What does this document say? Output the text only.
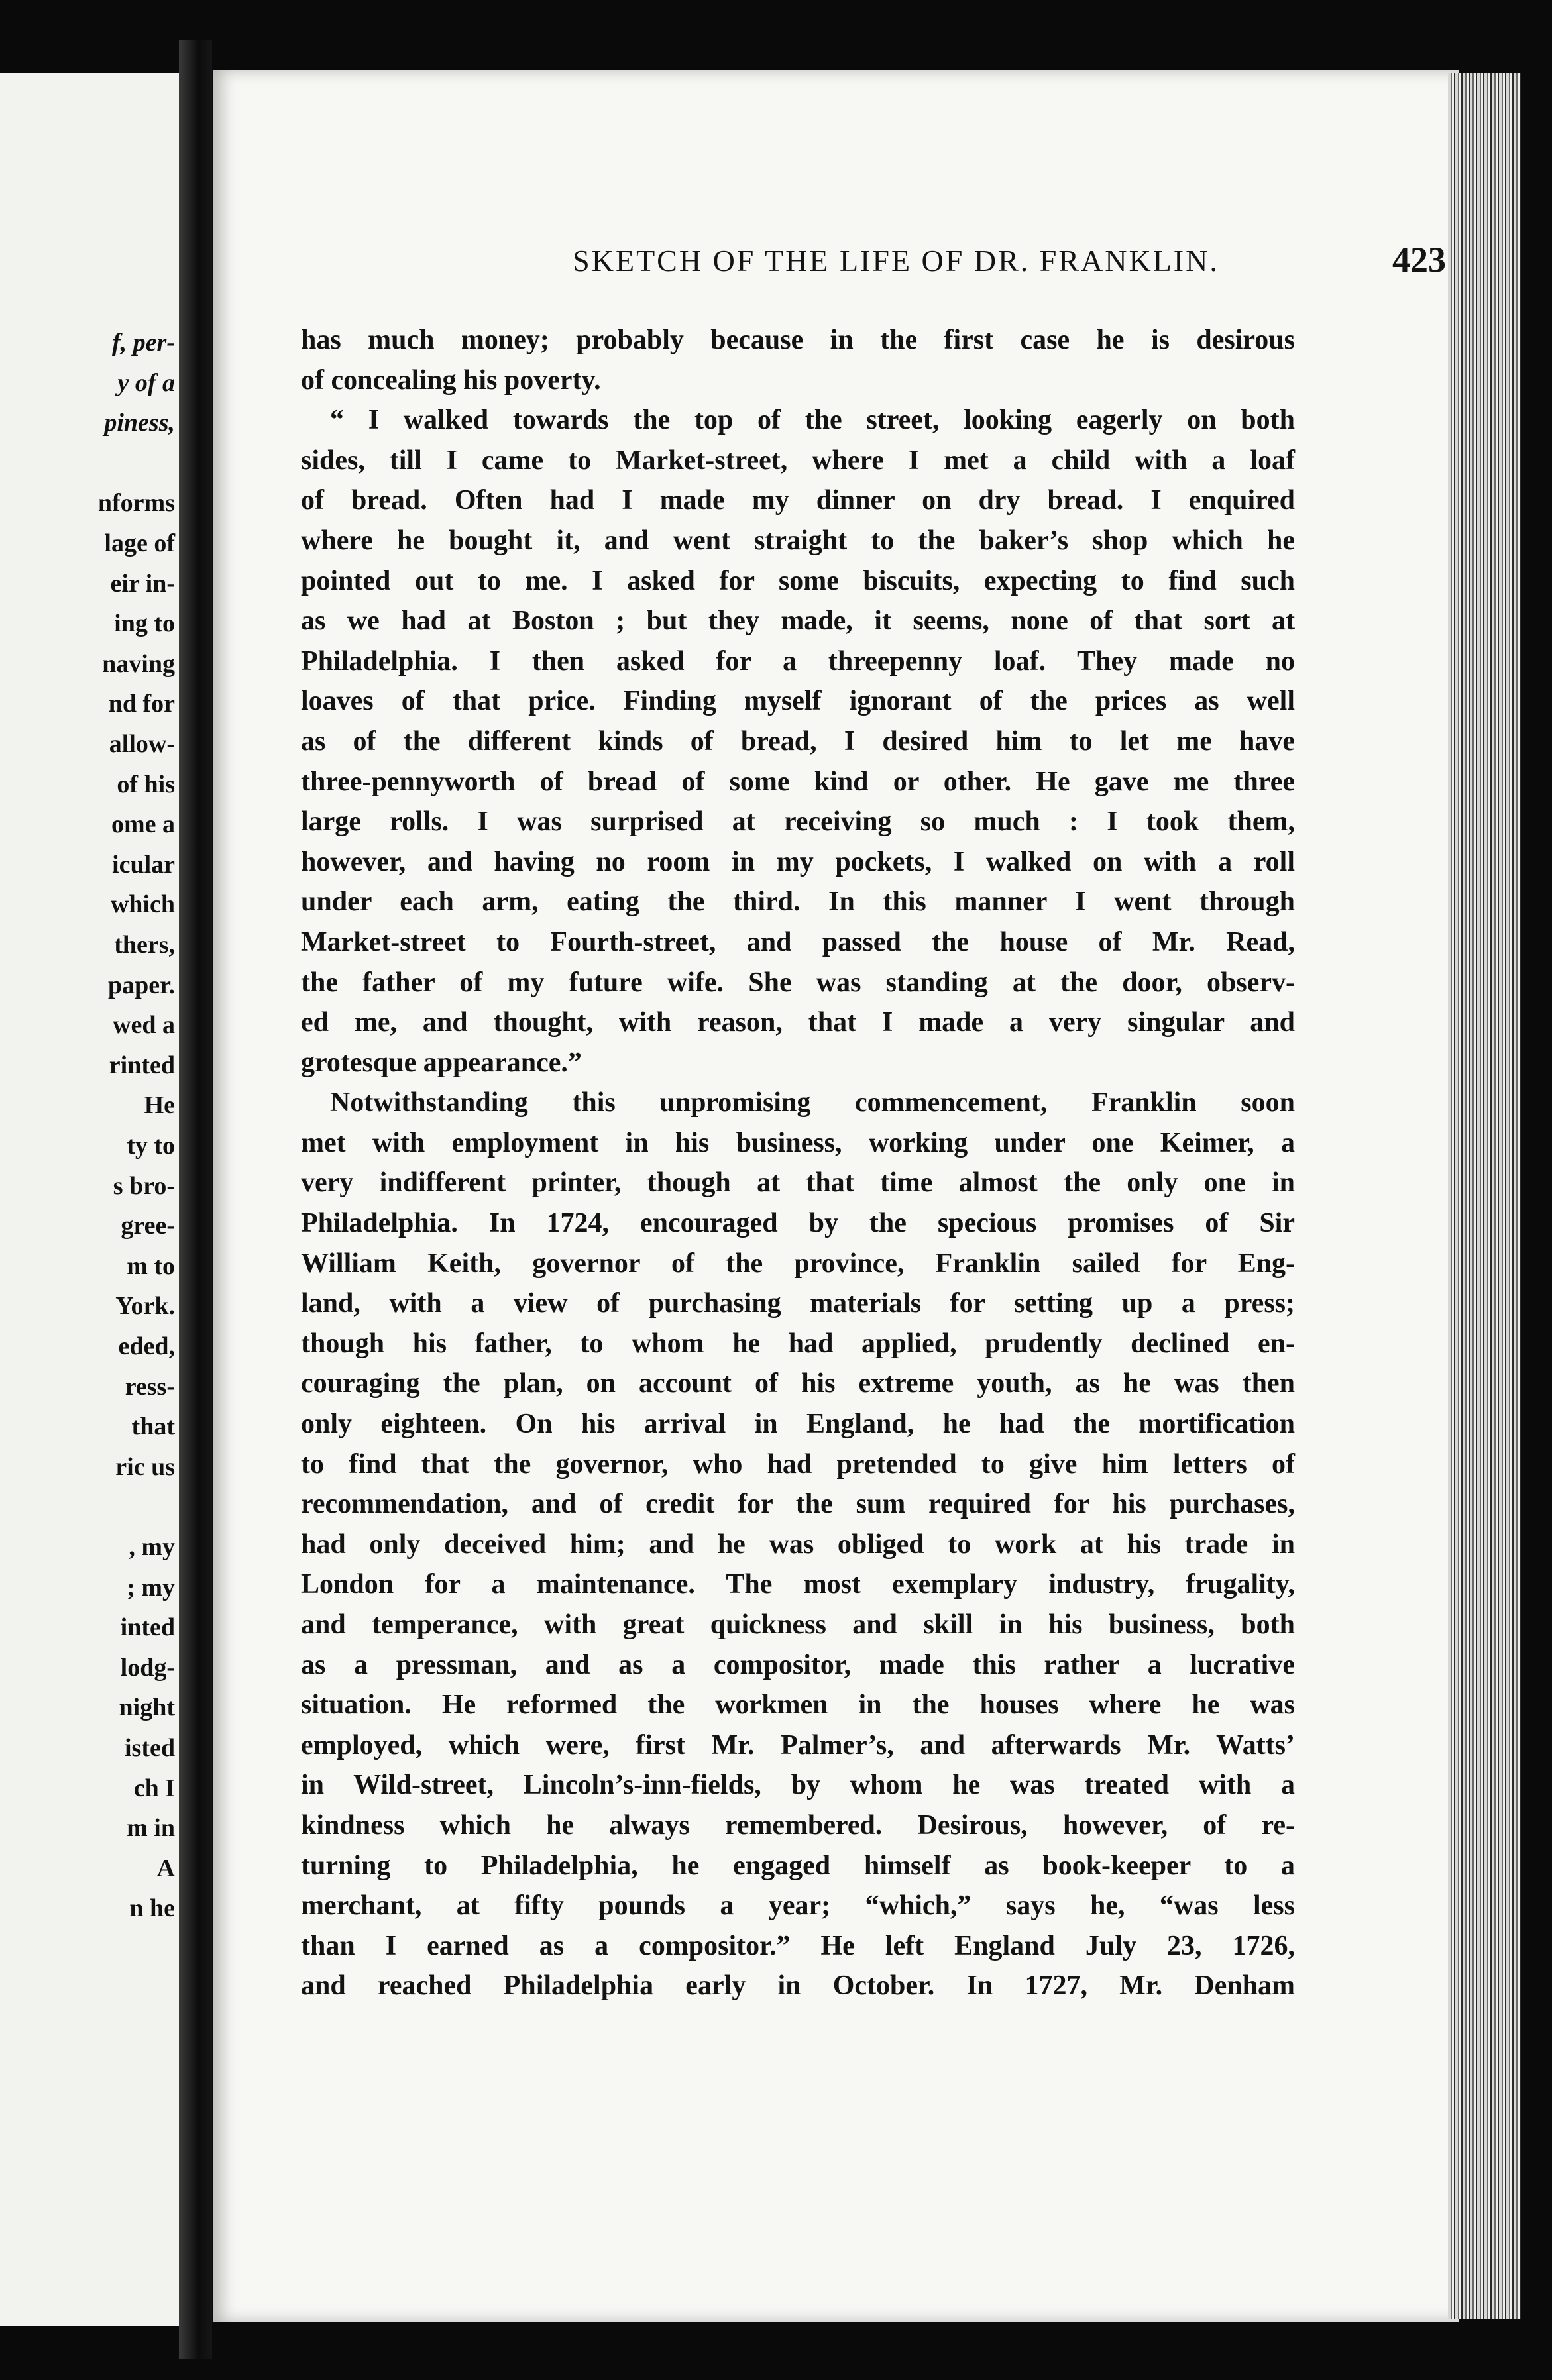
f, per-
y of a
piness,
nforms
lage of
eir in-
ing to
naving
nd for
allow-
of his
ome a
icular
which
thers,
paper.
wed a
rinted
He
ty to
s bro-
gree-
m to
York.
eded,
ress-
that
ric us
, my
; my
inted
lodg-
night
isted
ch I
m in
A
n he
SKETCH OF THE LIFE OF DR. FRANKLIN.	423
has much money; probably because in the first case he is desirous
of concealing his poverty.
“ I walked towards the top of the street, looking eagerly on both
sides, till I came to Market-street, where I met a child with a loaf
of bread. Often had I made my dinner on dry bread. I enquired
where he bought it, and went straight to the baker’s shop which he
pointed out to me. I asked for some biscuits, expecting to find such
as we had at Boston ; but they made, it seems, none of that sort at
Philadelphia. I then asked for a threepenny loaf. They made no
loaves of that price. Finding myself ignorant of the prices as well
as of the different kinds of bread, I desired him to let me have
three-pennyworth of bread of some kind or other. He gave me three
large rolls. I was surprised at receiving so much : I took them,
however, and having no room in my pockets, I walked on with a roll
under each arm, eating the third. In this manner I went through
Market-street to Fourth-street, and passed the house of Mr. Read,
the father of my future wife. She was standing at the door, observ-
ed me, and thought, with reason, that I made a very singular and
grotesque appearance.”
Notwithstanding this unpromising commencement, Franklin soon
met with employment in his business, working under one Keimer, a
very indifferent printer, though at that time almost the only one in
Philadelphia. In 1724, encouraged by the specious promises of Sir
William Keith, governor of the province, Franklin sailed for Eng-
land, with a view of purchasing materials for setting up a press;
though his father, to whom he had applied, prudently declined en-
couraging the plan, on account of his extreme youth, as he was then
only eighteen. On his arrival in England, he had the mortification
to find that the governor, who had pretended to give him letters of
recommendation, and of credit for the sum required for his purchases,
had only deceived him; and he was obliged to work at his trade in
London for a maintenance. The most exemplary industry, frugality,
and temperance, with great quickness and skill in his business, both
as a pressman, and as a compositor, made this rather a lucrative
situation. He reformed the workmen in the houses where he was
employed, which were, first Mr. Palmer’s, and afterwards Mr. Watts’
in Wild-street, Lincoln’s-inn-fields, by whom he was treated with a
kindness which he always remembered. Desirous, however, of re-
turning to Philadelphia, he engaged himself as book-keeper to a
merchant, at fifty pounds a year; “which,” says he, “was less
than I earned as a compositor.” He left England July 23, 1726,
and reached Philadelphia early in October. In 1727, Mr. Denham
